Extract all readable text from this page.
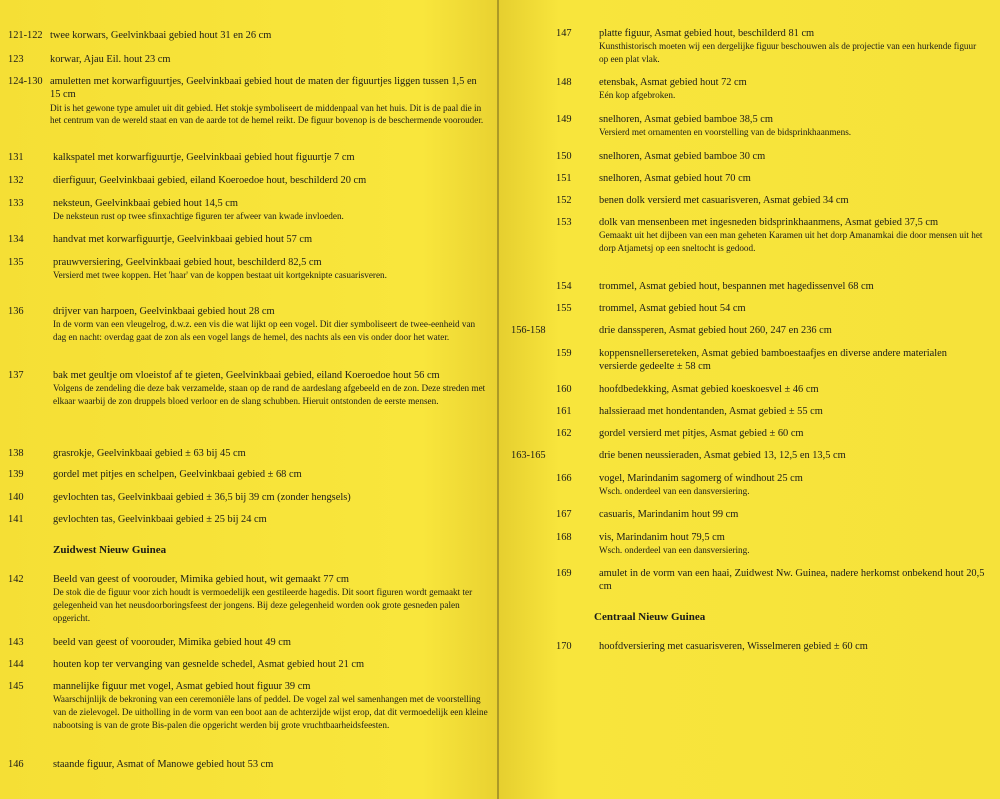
121-122 twee korwars, Geelvinkbaai gebied hout 31 en 26 cm
123	korwar, Ajau Eil. hout 23 cm
124-130 amuletten met korwarfiguurtjes, Geelvinkbaai gebied hout de maten der figuurtjes liggen tussen 1,5 en 15 cm
Dit is het gewone type amulet uit dit gebied. Het stokje symboliseert de middenpaal van het huis. Dit is de paal die in het centrum van de wereld staat en van de aarde tot de hemel reikt. De figuur bovenop is de beschermende voorouder.
131	kalkspatel met korwarfiguurtje, Geelvinkbaai gebied hout figuurtje 7 cm
132	dierfiguur, Geelvinkbaai gebied, eiland Koeroedoe hout, beschilderd 20 cm
133	neksteun, Geelvinkbaai gebied hout 14,5 cm
De neksteun rust op twee sfinxachtige figuren ter afweer van kwade invloeden.
134	handvat met korwarfiguurtje, Geelvinkbaai gebied hout 57 cm
135	prauwversiering, Geelvinkbaai gebied hout, beschilderd 82,5 cm
Versierd met twee koppen. Het 'haar' van de koppen bestaat uit kortgeknipte casuarisveren.
136	drijver van harpoen, Geelvinkbaai gebied hout 28 cm
In de vorm van een vleugelrog, d.w.z. een vis die wat lijkt op een vogel. Dit dier symboliseert de twee-eenheid van dag en nacht: overdag gaat de zon als een vogel langs de hemel, des nachts als een vis onder door het water.
137	bak met geultje om vloeistof af te gieten, Geelvinkbaai gebied, eiland Koeroedoe hout 56 cm
Volgens de zendeling die deze bak verzamelde, staan op de rand de aardeslang afgebeeld en de zon. Deze streden met elkaar waarbij de zon druppels bloed verloor en de slang schubben. Hieruit ontstonden de eerste mensen.
138	grasrokje, Geelvinkbaai gebied ± 63 bij 45 cm
139	gordel met pitjes en schelpen, Geelvinkbaai gebied ± 68 cm
140	gevlochten tas, Geelvinkbaai gebied ± 36,5 bij 39 cm (zonder hengsels)
141	gevlochten tas, Geelvinkbaai gebied ± 25 bij 24 cm
Zuidwest Nieuw Guinea
142	Beeld van geest of voorouder, Mimika gebied hout, wit gemaakt 77 cm
De stok die de figuur voor zich houdt is vermoedelijk een gestileerde hagedis. Dit soort figuren wordt gemaakt ter gelegenheid van het neusdoorboringsfeest der jongens. Bij deze gelegenheid worden ook grote gesneden palen opgericht.
143	beeld van geest of voorouder, Mimika gebied hout 49 cm
144	houten kop ter vervanging van gesnelde schedel, Asmat gebied hout 21 cm
145	mannelijke figuur met vogel, Asmat gebied hout figuur 39 cm
Waarschijnlijk de bekroning van een ceremoniële lans of peddel. De vogel zal wel samenhangen met de voorstelling van de zielevogel. De uitholling in de vorm van een boot aan de achterzijde wijst erop, dat dit vermoedelijk een kleine nabootsing is van de grote Bis-palen die opgericht werden bij grote vruchtbaarheidsfeesten.
146	staande figuur, Asmat of Manowe gebied hout 53 cm
147	platte figuur, Asmat gebied hout, beschilderd 81 cm
Kunsthistorisch moeten wij een dergelijke figuur beschouwen als de projectie van een hurkende figuur op een plat vlak.
148	etensbak, Asmat gebied hout 72 cm
Eén kop afgebroken.
149	snelhoren, Asmat gebied bamboe 38,5 cm
Versierd met ornamenten en voorstelling van de bidsprinkhaanmens.
150	snelhoren, Asmat gebied bamboe 30 cm
151	snelhoren, Asmat gebied hout 70 cm
152	benen dolk versierd met casuarisveren, Asmat gebied 34 cm
153	dolk van mensenbeen met ingesneden bidsprinkhaanmens, Asmat gebied 37,5 cm
Gemaakt uit het dijbeen van een man geheten Karamen uit het dorp Amanamkai die door mensen uit het dorp Atjametsj op een sneltocht is gedood.
154	trommel, Asmat gebied hout, bespannen met hagedissenvel 68 cm
155	trommel, Asmat gebied hout 54 cm
156-158	drie danssperen, Asmat gebied hout 260, 247 en 236 cm
159	koppensnellersereteken, Asmat gebied bamboestaafjes en diverse andere materialen versierde gedeelte ± 58 cm
160	hoofdbedekking, Asmat gebied koeskoesvel ± 46 cm
161	halssieraad met hondentanden, Asmat gebied ± 55 cm
162	gordel versierd met pitjes, Asmat gebied ± 60 cm
163-165	drie benen neussieraden, Asmat gebied 13, 12,5 en 13,5 cm
166	vogel, Marindanim sagomerg of windhout 25 cm
Wsch. onderdeel van een dansversiering.
167	casuaris, Marindanim hout 99 cm
168	vis, Marindanim hout 79,5 cm
Wsch. onderdeel van een dansversiering.
169	amulet in de vorm van een haai, Zuidwest Nw. Guinea, nadere herkomst onbekend hout 20,5 cm
Centraal Nieuw Guinea
170	hoofdversiering met casuarisveren, Wisselmeren gebied ± 60 cm
